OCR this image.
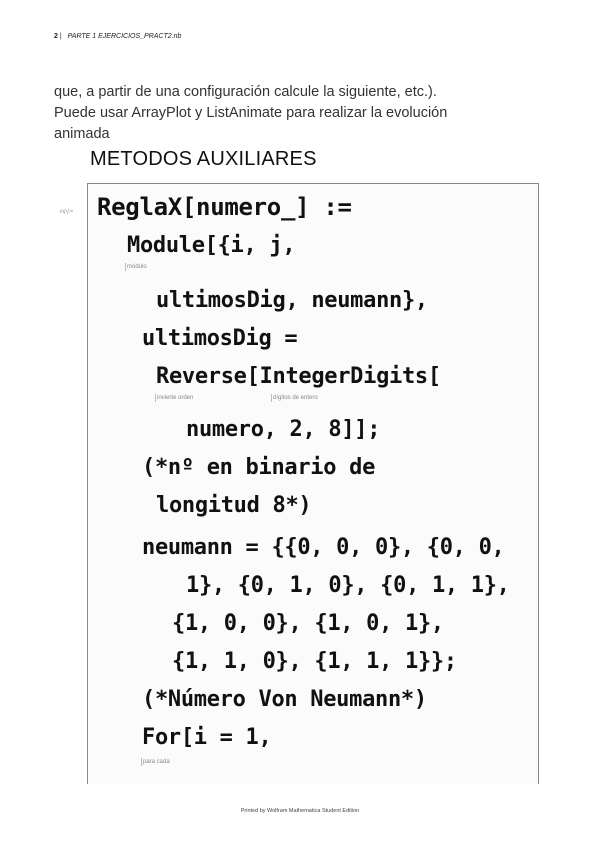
2 | PARTE 1 EJERCICIOS_PRACT2.nb
que, a partir de una configuración calcule la siguiente, etc.).
Puede usar ArrayPlot y ListAnimate para realizar la evolución
animada
METODOS AUXILIARES
In[•]:= ReglaX[numero_] :=
Module[{i, j,
módulo
ultimosDig, neumann},
ultimosDig =
Reverse[IntegerDigits[
invierte orden	dígitos de entero
numero, 2, 8]];
(*nº en binario de
longitud 8*)
neumann = {{0, 0, 0}, {0, 0,
1}, {0, 1, 0}, {0, 1, 1},
{1, 0, 0}, {1, 0, 1},
{1, 1, 0}, {1, 1, 1}};
(*Número Von Neumann*)
For[i = 1,
para cada
Printed by Wolfram Mathematica Student Edition
